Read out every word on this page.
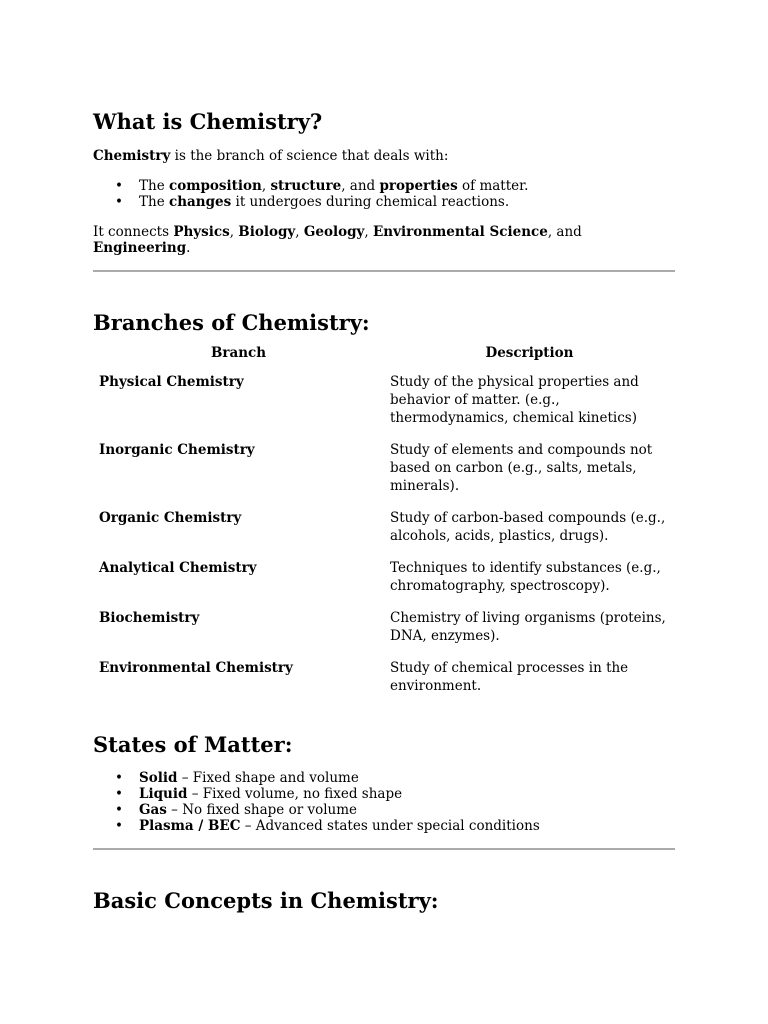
What is Chemistry?

Chemistry is the branch of science that deals with:

• The composition, structure, and properties of matter.
• The changes it undergoes during chemical reactions.

It connects Physics, Biology, Geology, Environmental Science, and
Engineering.

Branches of Chemistry:
Branch	Description
Physical Chemistry	Study of the physical properties and behavior of matter. (e.g., thermodynamics, chemical kinetics)
Inorganic Chemistry	Study of elements and compounds not based on carbon (e.g., salts, metals, minerals).
Organic Chemistry	Study of carbon-based compounds (e.g., alcohols, acids, plastics, drugs).
Analytical Chemistry	Techniques to identify substances (e.g., chromatography, spectroscopy).
Biochemistry	Chemistry of living organisms (proteins, DNA, enzymes).
Environmental Chemistry	Study of chemical processes in the environment.
States of Matter:
• Solid – Fixed shape and volume
• Liquid – Fixed volume, no fixed shape
• Gas – No fixed shape or volume
• Plasma / BEC – Advanced states under special conditions
Basic Concepts in Chemistry:
